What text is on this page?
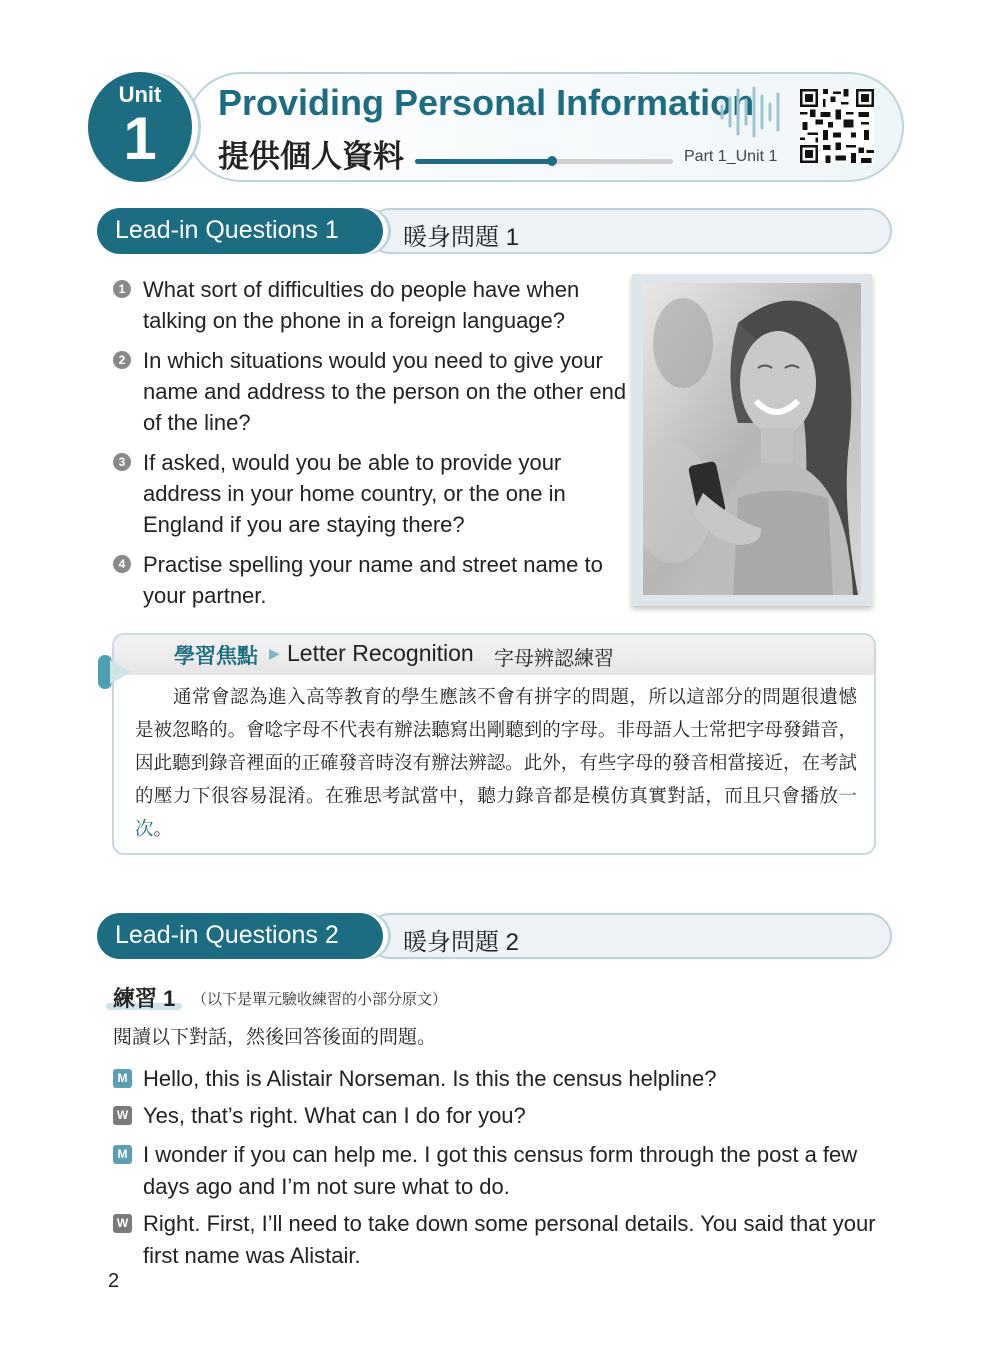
Unit
1
Providing Personal Information
提供個人資料	Part 1_Unit 1
Lead-in Questions 1	暖身問題 1
1 What sort of difficulties do people have when talking on the phone in a foreign language?
2 In which situations would you need to give your name and address to the person on the other end of the line?
3 If asked, would you be able to provide your address in your home country, or the one in England if you are staying there?
4 Practise spelling your name and street name to your partner.
學習焦點 ▶ Letter Recognition 字母辨認練習
通常會認為進入高等教育的學生應該不會有拼字的問題，所以這部分的問題很遺憾是被忽略的。會唸字母不代表有辦法聽寫出剛聽到的字母。非母語人士常把字母發錯音，因此聽到錄音裡面的正確發音時沒有辦法辨認。此外，有些字母的發音相當接近，在考試的壓力下很容易混淆。在雅思考試當中，聽力錄音都是模仿真實對話，而且只會播放一次。
Lead-in Questions 2	暖身問題 2
練習 1 （以下是單元驗收練習的小部分原文）
閱讀以下對話，然後回答後面的問題。
M Hello, this is Alistair Norseman. Is this the census helpline?
W Yes, that’s right. What can I do for you?
M I wonder if you can help me. I got this census form through the post a few days ago and I’m not sure what to do.
W Right. First, I’ll need to take down some personal details. You said that your first name was Alistair.
2
